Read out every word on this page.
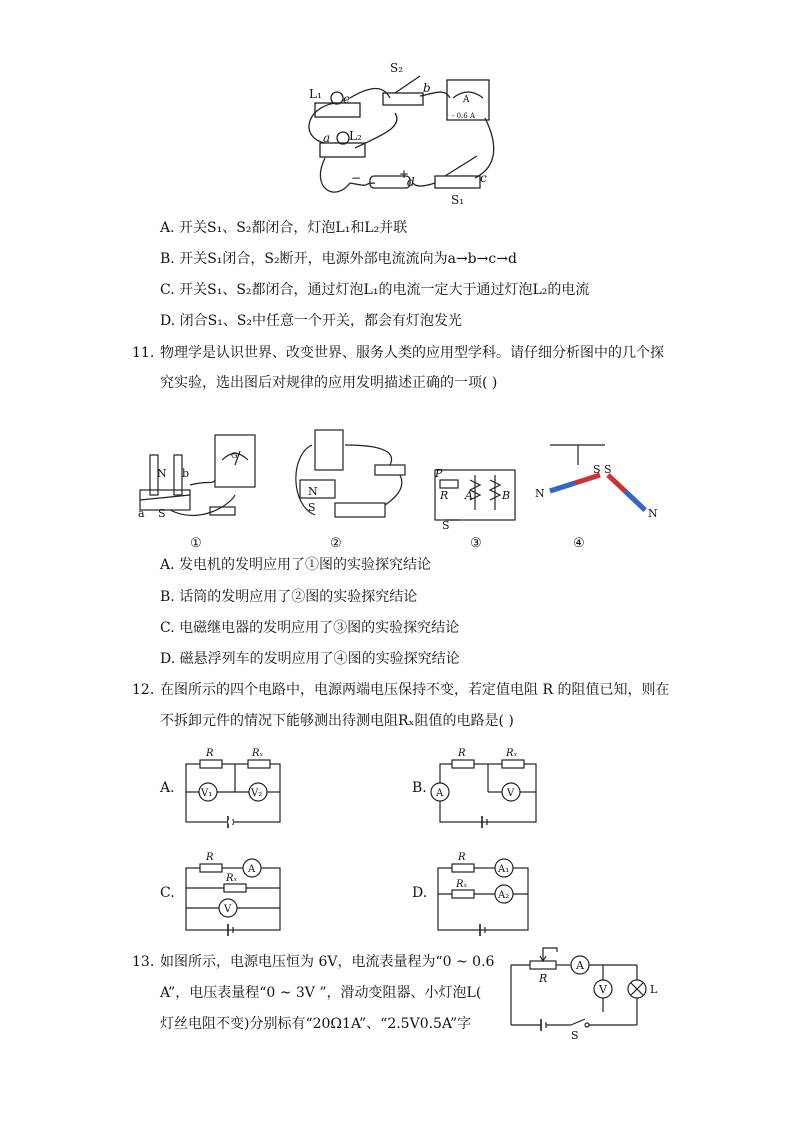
S₂
L₁ e
a L₂
b
c
d
−	+
S₁
A
- 0.6 A
A. 开关S₁、S₂都闭合，灯泡L₁和L₂并联
B. 开关S₁闭合，S₂断开，电源外部电流流向为a→b→c→d
C. 开关S₁、S₂都闭合，通过灯泡L₁的电流一定大于通过灯泡L₂的电流
D. 闭合S₁、S₂中任意一个开关，都会有灯泡发光
11. 物理学是认识世界、改变世界、服务人类的应用型学科。请仔细分析图中的几个探
究实验，选出图后对规律的应用发明描述正确的一项( )
N b
a S
G
N
S
P
R A	B
S
S S
N
N
①	②	③	④
A. 发电机的发明应用了①图的实验探究结论
B. 话筒的发明应用了②图的实验探究结论
C. 电磁继电器的发明应用了③图的实验探究结论
D. 磁悬浮列车的发明应用了④图的实验探究结论
12. 在图所示的四个电路中，电源两端电压保持不变，若定值电阻 R 的阻值已知，则在
不拆卸元件的情况下能够测出待测电阻Rₓ阻值的电路是( )
A.
R	Rₓ
V₁	V₂	B.
R	Rₓ
A	V
C.
R
A
Rₓ
V
D.
R
A₁
Rₓ
A₂
13. 如图所示，电源电压恒为 6V，电流表量程为“0 ~ 0.6
A”，电压表量程“0 ~ 3V ”，滑动变阻器、小灯泡L(
灯丝电阻不变)分别标有“20Ω1A”、“2.5V0.5A”字
R
A
V	L
S
